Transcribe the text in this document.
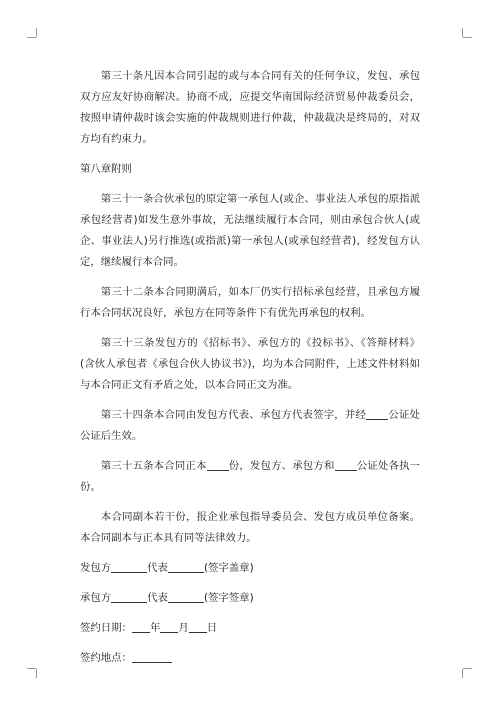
第三十条凡因本合同引起的或与本合同有关的任何争议，发包、承包双方应友好协商解决。协商不成，应提交华南国际经济贸易仲裁委员会，按照申请仲裁时该会实施的仲裁规则进行仲裁，仲裁裁决是终局的，对双方均有约束力。

第八章附则

第三十一条合伙承包的原定第一承包人(或企、事业法人承包的原指派承包经营者)如发生意外事故，无法继续履行本合同，则由承包合伙人(或企、事业法人)另行推选(或指派)第一承包人(或承包经营者)，经发包方认定，继续履行本合同。

第三十二条本合同期满后，如本厂仍实行招标承包经营，且承包方履行本合同状况良好，承包方在同等条件下有优先再承包的权利。

第三十三条发包方的《招标书》、承包方的《投标书》、《答辩材料》(含伙人承包者《承包合伙人协议书》)，均为本合同附件，上述文件材料如与本合同正文有矛盾之处，以本合同正文为准。

第三十四条本合同由发包方代表、承包方代表签字，并经 公证处公证后生效。

第三十五条本合同正本 份，发包方、承包方和 公证处各执一份。

本合同副本若干份，报企业承包指导委员会、发包方成员单位备案。本合同副本与正本具有同等法律效力。

发包方	代表	(签字盖章)

承包方	代表	(签字签章)

签约日期： 年 月 日

签约地点：
